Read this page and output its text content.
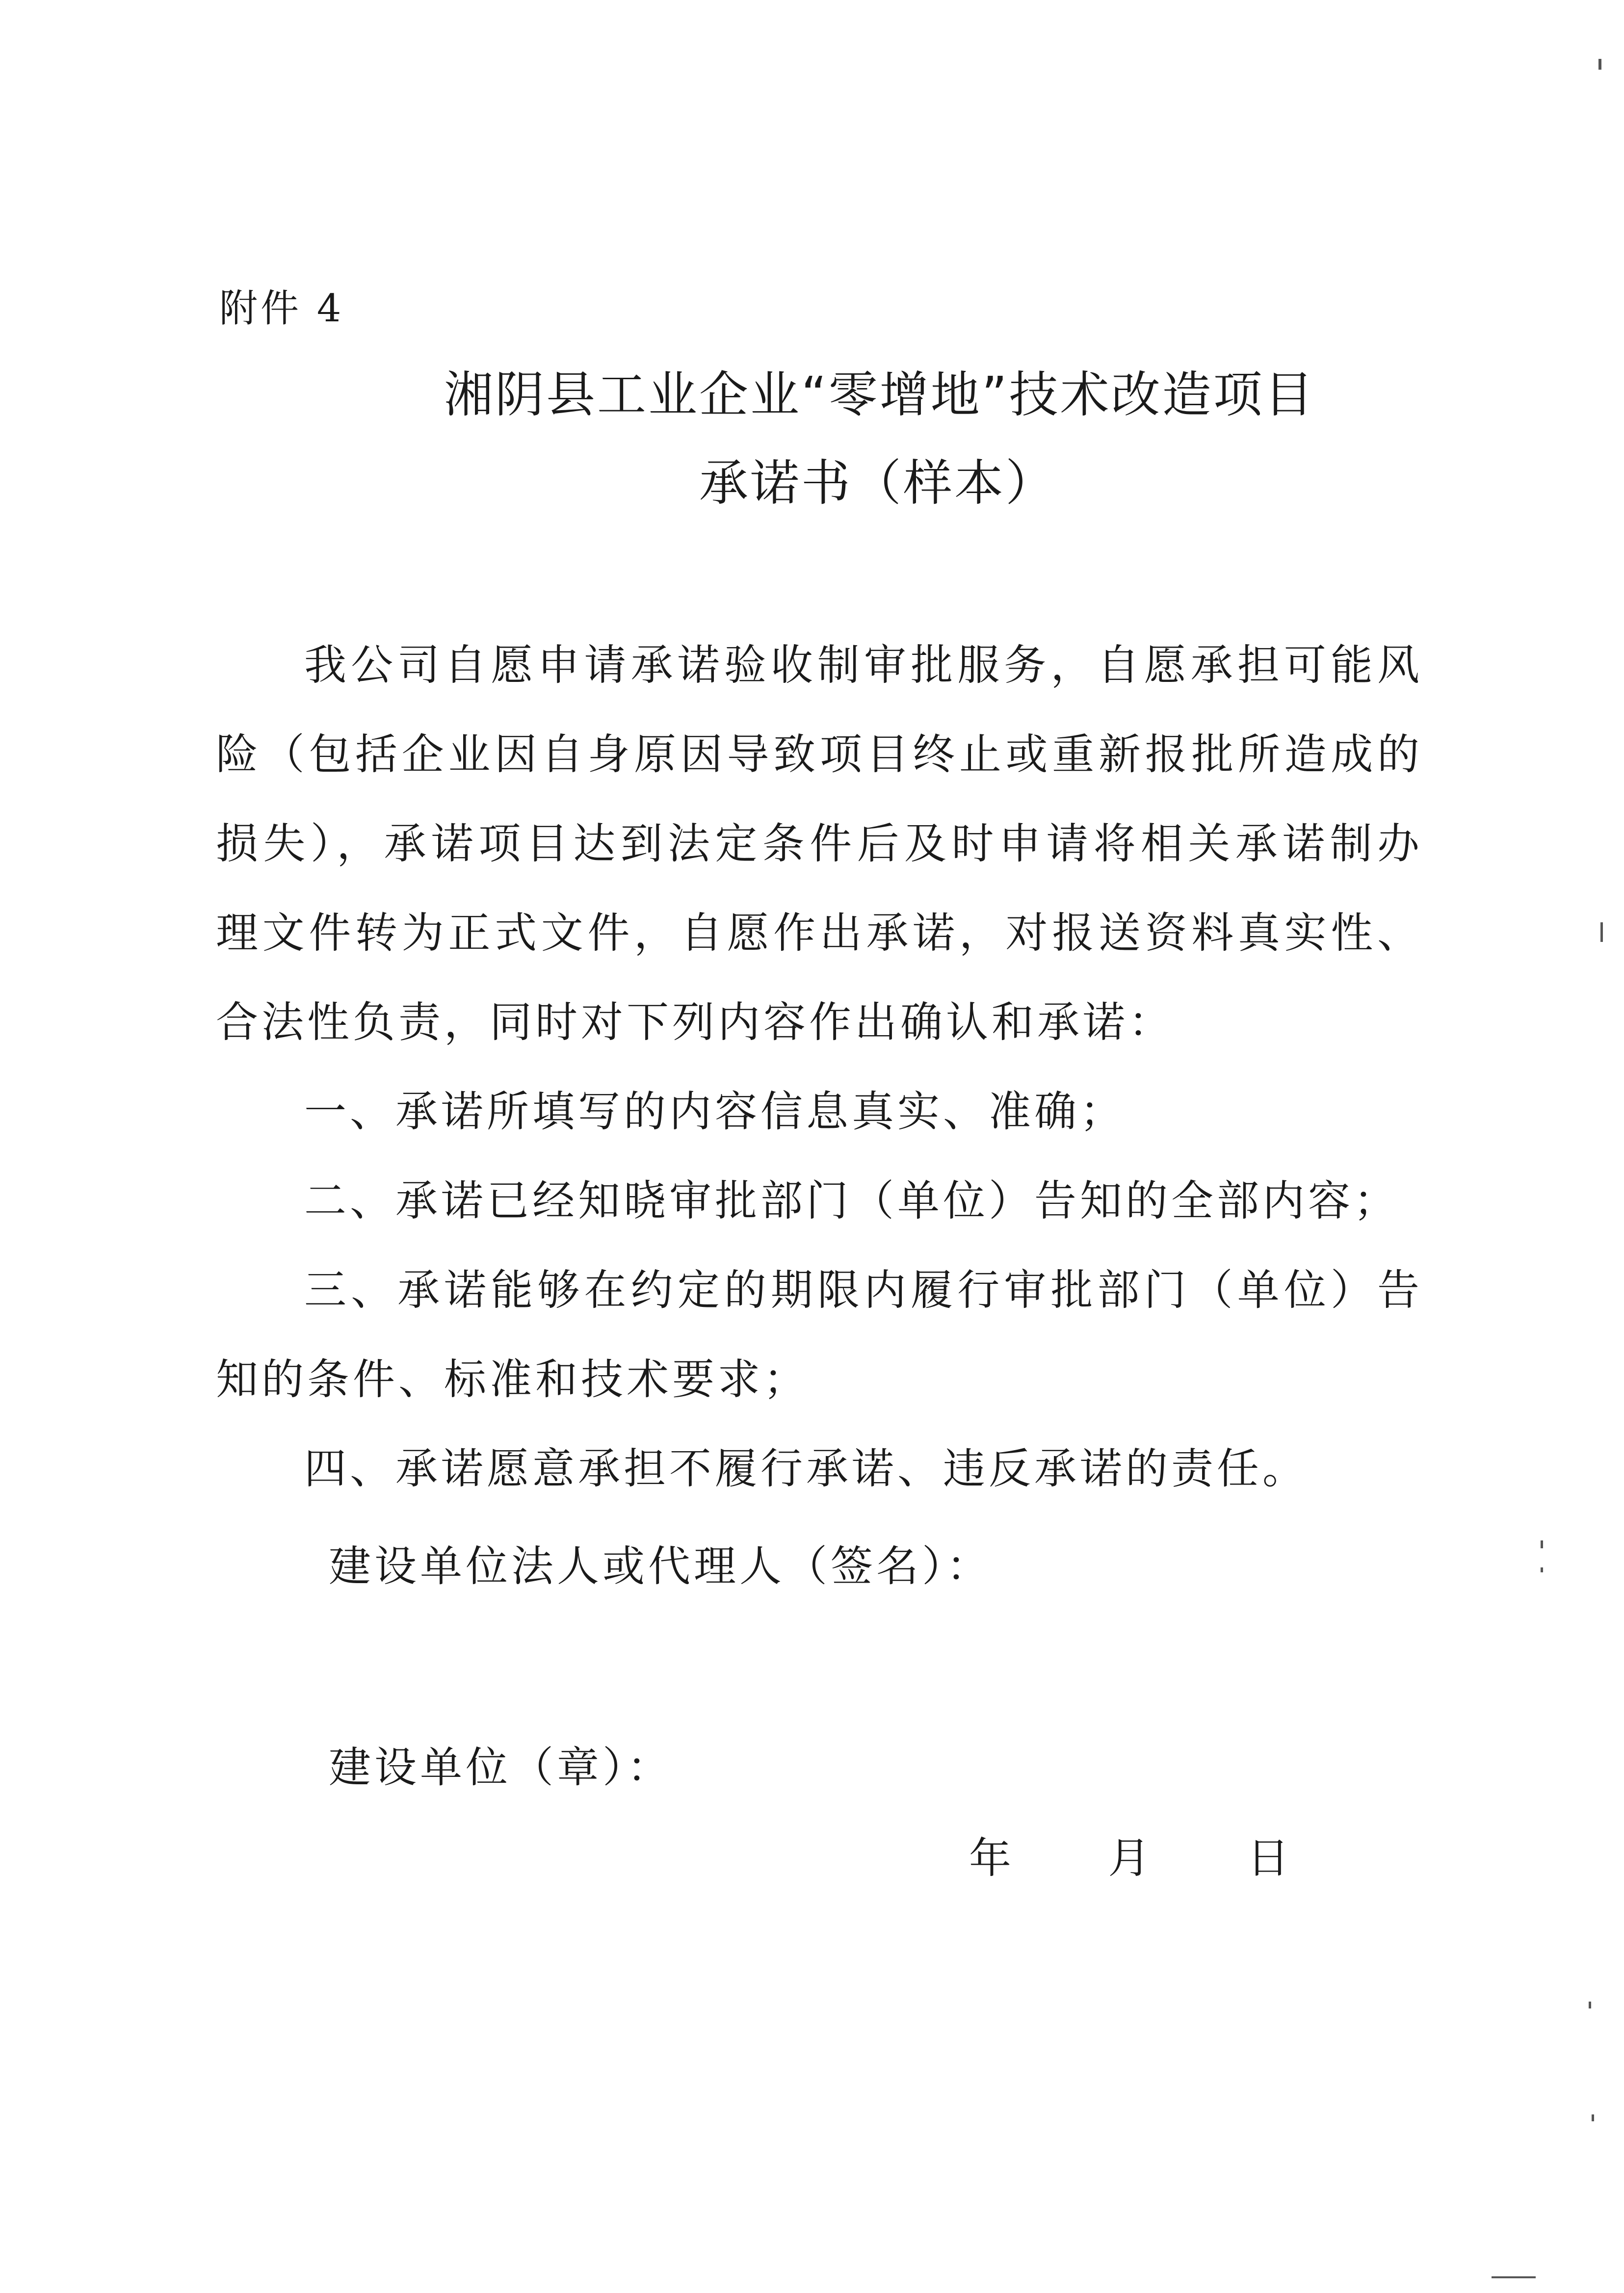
附件 4
湘阴县工业企业“零增地”技术改造项目
承诺书（样本）

我公司自愿申请承诺验收制审批服务，自愿承担可能风险（包括企业因自身原因导致项目终止或重新报批所造成的损失），承诺项目达到法定条件后及时申请将相关承诺制办理文件转为正式文件，自愿作出承诺，对报送资料真实性、合法性负责，同时对下列内容作出确认和承诺：

一、承诺所填写的内容信息真实、准确；

二、承诺已经知晓审批部门（单位）告知的全部内容；

三、承诺能够在约定的期限内履行审批部门（单位）告知的条件、标准和技术要求；

四、承诺愿意承担不履行承诺、违反承诺的责任。

建设单位法人或代理人（签名）：
建设单位（章）：
年 月 日
